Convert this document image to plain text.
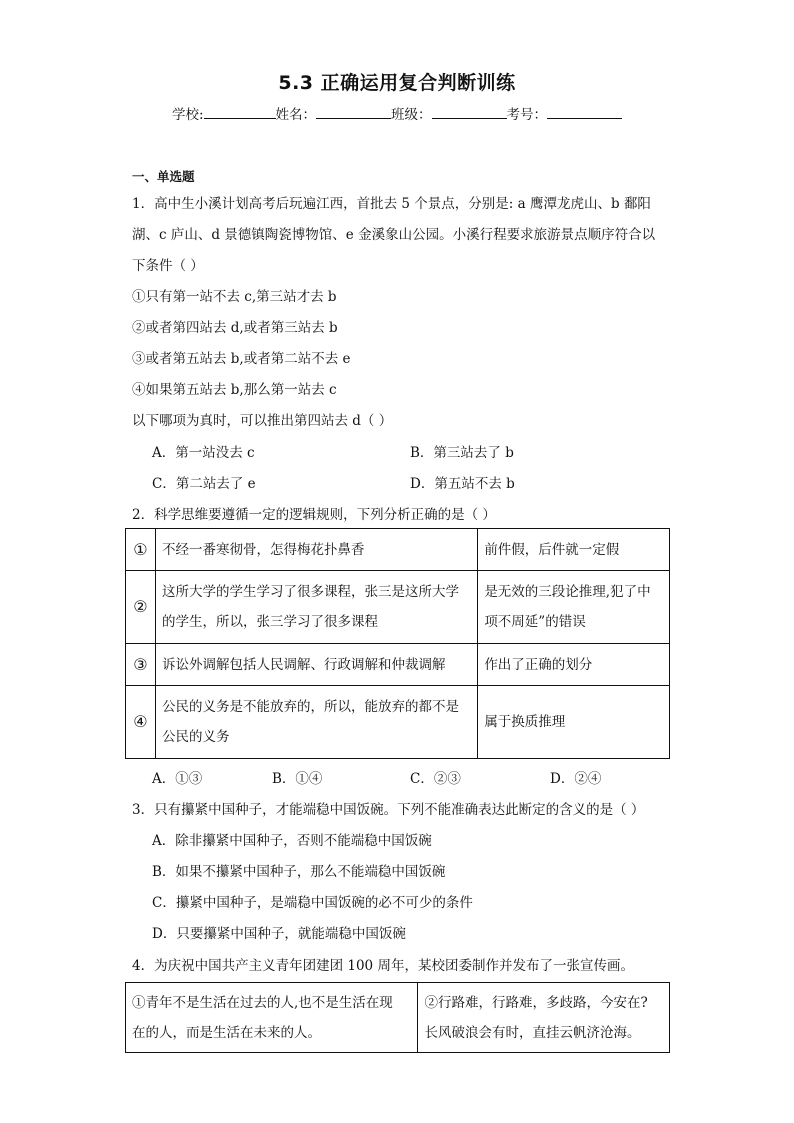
5.3 正确运用复合判断训练
学校:	姓名：	班级：	考号：
一、单选题
1．高中生小溪计划高考后玩遍江西，首批去 5 个景点，分别是: a 鹰潭龙虎山、b 鄱阳
湖、c 庐山、d 景德镇陶瓷博物馆、e 金溪象山公园。小溪行程要求旅游景点顺序符合以
下条件（ ）
①只有第一站不去 c,第三站才去 b
②或者第四站去 d,或者第三站去 b
③或者第五站去 b,或者第二站不去 e
④如果第五站去 b,那么第一站去 c
以下哪项为真时，可以推出第四站去 d（ ）
A．第一站没去 c	B．第三站去了 b
C．第二站去了 e	D．第五站不去 b
2．科学思维要遵循一定的逻辑规则，下列分析正确的是（ ）
①	不经一番寒彻骨，怎得梅花扑鼻香	前件假，后件就一定假
②	这所大学的学生学习了很多课程，张三是这所大学
的学生，所以，张三学习了很多课程	是无效的三段论推理,犯了中
项不周延”的错误
③	诉讼外调解包括人民调解、行政调解和仲裁调解	作出了正确的划分
④	公民的义务是不能放弃的，所以，能放弃的都不是
公民的义务	属于换质推理
A．①③	B．①④	C．②③	D．②④
3．只有攥紧中国种子，才能端稳中国饭碗。下列不能准确表达此断定的含义的是（ ）
A．除非攥紧中国种子，否则不能端稳中国饭碗
B．如果不攥紧中国种子，那么不能端稳中国饭碗
C．攥紧中国种子，是端稳中国饭碗的必不可少的条件
D．只要攥紧中国种子，就能端稳中国饭碗
4．为庆祝中国共产主义青年团建团 100 周年，某校团委制作并发布了一张宣传画。
①青年不是生活在过去的人,也不是生活在现
在的人，而是生活在未来的人。	②行路难，行路难，多歧路，今安在?
长风破浪会有时，直挂云帆济沧海。
